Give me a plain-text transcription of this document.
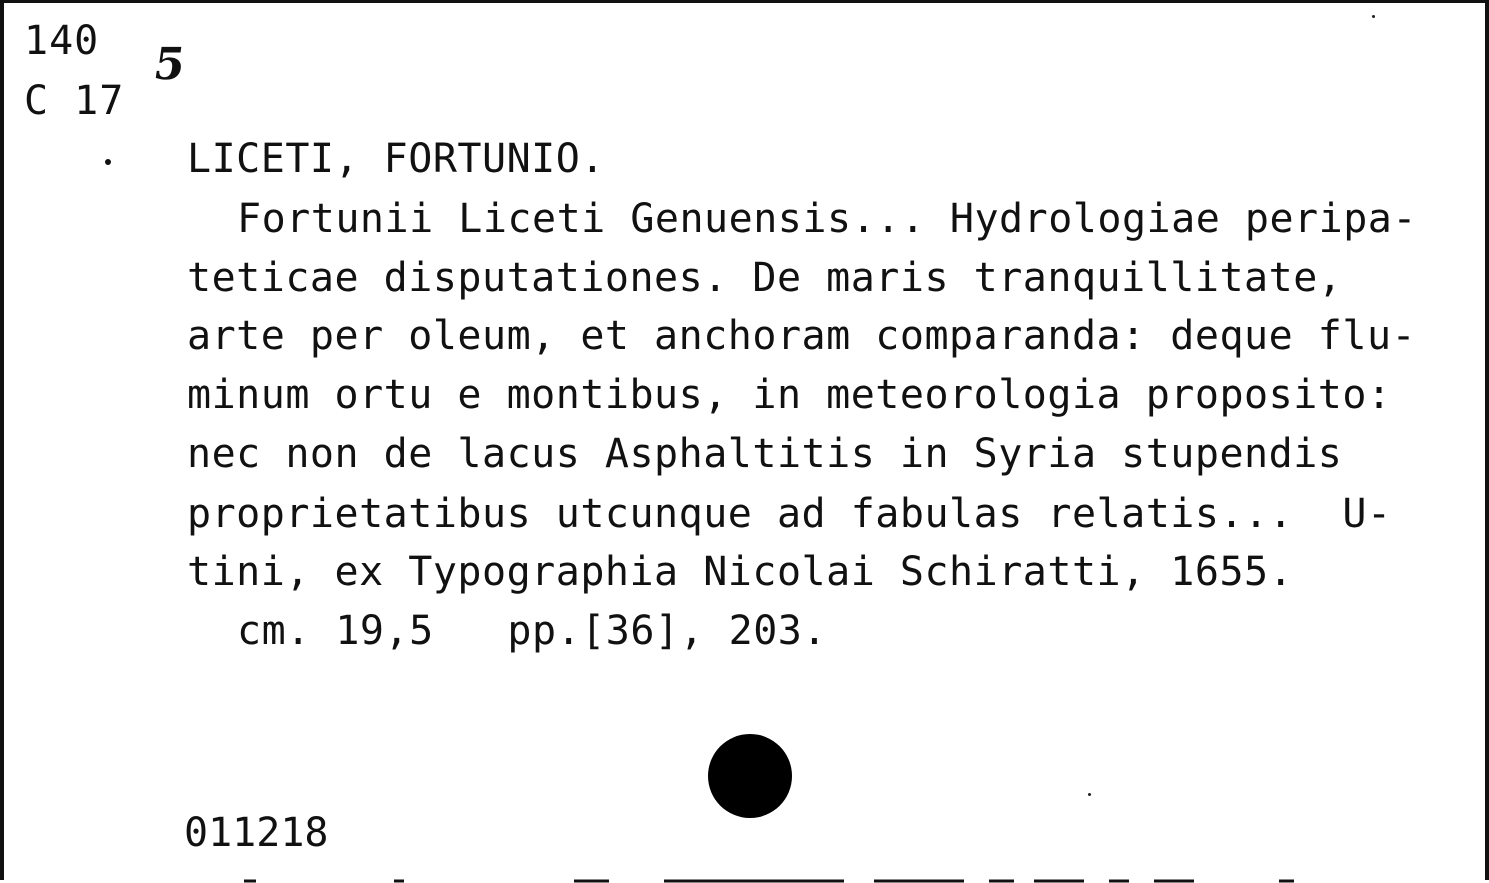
140
C 17
5
LICETI, FORTUNIO.
Fortunii Liceti Genuensis... Hydrologiae peripa-
teticae disputationes. De maris tranquillitate,
arte per oleum, et anchoram comparanda: deque flu-
minum ortu e montibus, in meteorologia proposito:
nec non de lacus Asphaltitis in Syria stupendis
proprietatibus utcunque ad fabulas relatis...  U-
tini, ex Typographia Nicolai Schiratti, 1655.
cm. 19,5   pp.[36], 203.
011218
